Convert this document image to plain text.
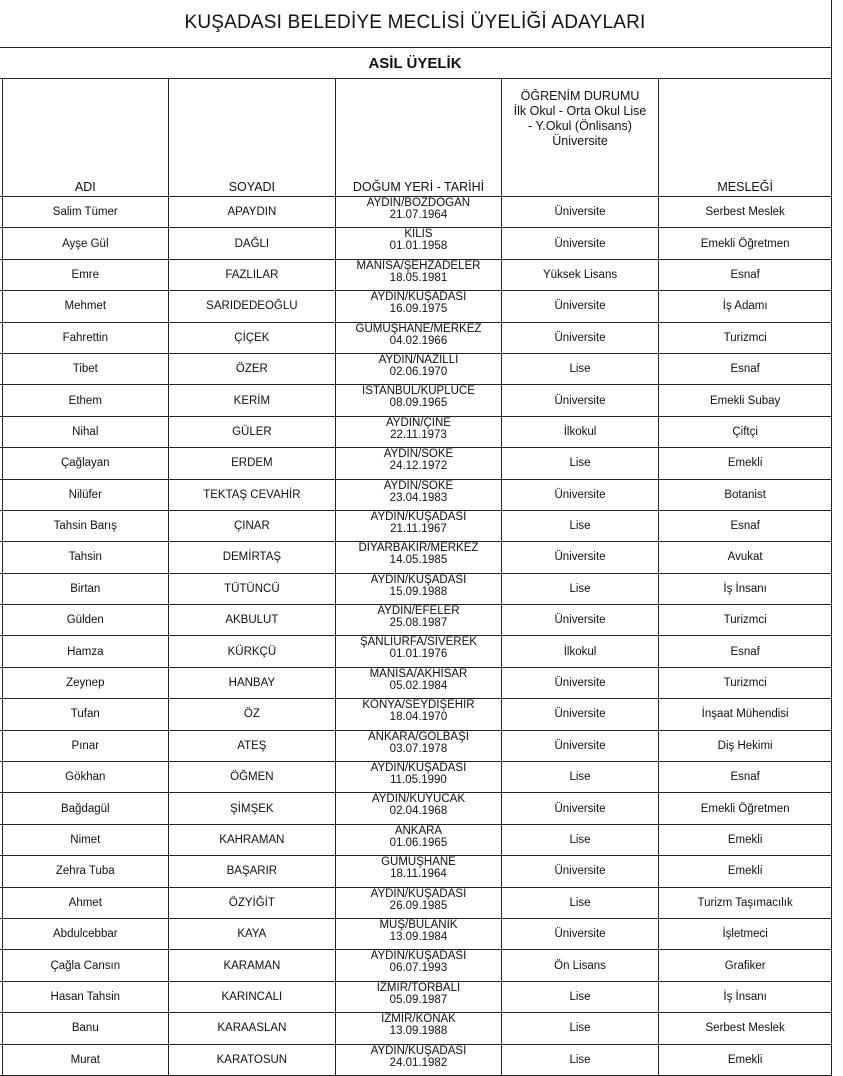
KUŞADASI BELEDİYE MECLİSİ ÜYELİĞİ ADAYLARI					
ASİL ÜYELİK					
	ADI	SOYADI	DOĞUM YERİ - TARİHİ	ÖĞRENİM DURUMU
İlk Okul - Orta Okul Lise
- Y.Okul (Önlisans)
Üniversite	MESLEĞİ
	Salim Tümer	APAYDIN	AYDIN/BOZDOĞAN
21.07.1964	Üniversite	Serbest Meslek
	Ayşe Gül	DAĞLI	KİLİS
01.01.1958	Üniversite	Emekli Öğretmen
	Emre	FAZLILAR	MANİSA/ŞEHZADELER
18.05.1981	Yüksek Lisans	Esnaf
	Mehmet	SARIDEDEOĞLU	AYDIN/KUŞADASI
16.09.1975	Üniversite	İş Adamı
	Fahrettin	ÇİÇEK	GÜMÜŞHANE/MERKEZ
04.02.1966	Üniversite	Turizmci
	Tibet	ÖZER	AYDIN/NAZİLLİ
02.06.1970	Lise	Esnaf
	Ethem	KERİM	İSTANBUL/KÜPLÜCE
08.09.1965	Üniversite	Emekli Subay
	Nihal	GÜLER	AYDIN/ÇİNE
22.11.1973	İlkokul	Çiftçi
	Çağlayan	ERDEM	AYDIN/SÖKE
24.12.1972	Lise	Emekli
	Nilüfer	TEKTAŞ CEVAHİR	AYDIN/SÖKE
23.04.1983	Üniversite	Botanist
	Tahsin Barış	ÇINAR	AYDIN/KUŞADASI
21.11.1967	Lise	Esnaf
	Tahsin	DEMİRTAŞ	DİYARBAKIR/MERKEZ
14.05.1985	Üniversite	Avukat
	Birtan	TÜTÜNCÜ	AYDIN/KUŞADASI
15.09.1988	Lise	İş İnsanı
	Gülden	AKBULUT	AYDIN/EFELER
25.08.1987	Üniversite	Turizmci
	Hamza	KÜRKÇÜ	ŞANLIURFA/SİVEREK
01.01.1976	İlkokul	Esnaf
	Zeynep	HANBAY	MANİSA/AKHİSAR
05.02.1984	Üniversite	Turizmci
	Tufan	ÖZ	KONYA/SEYDİŞEHİR
18.04.1970	Üniversite	İnşaat Mühendisi
	Pınar	ATEŞ	ANKARA/GÖLBAŞI
03.07.1978	Üniversite	Diş Hekimi
	Gökhan	ÖĞMEN	AYDIN/KUŞADASI
11.05.1990	Lise	Esnaf
	Bağdagül	ŞİMŞEK	AYDIN/KUYUCAK
02.04.1968	Üniversite	Emekli Öğretmen
	Nimet	KAHRAMAN	ANKARA
01.06.1965	Lise	Emekli
	Zehra Tuba	BAŞARIR	GÜMÜŞHANE
18.11.1964	Üniversite	Emekli
	Ahmet	ÖZYİĞİT	AYDIN/KUŞADASI
26.09.1985	Lise	Turizm Taşımacılık
	Abdulcebbar	KAYA	MUŞ/BULANIK
13.09.1984	Üniversite	İşletmeci
	Çağla Cansın	KARAMAN	AYDIN/KUŞADASI
06.07.1993	Ön Lisans	Grafiker
	Hasan Tahsin	KARINCALI	İZMİR/TORBALI
05.09.1987	Lise	İş İnsanı
	Banu	KARAASLAN	İZMİR/KONAK
13.09.1988	Lise	Serbest Meslek
	Murat	KARATOSUN	AYDIN/KUŞADASI
24.01.1982	Lise	Emekli
